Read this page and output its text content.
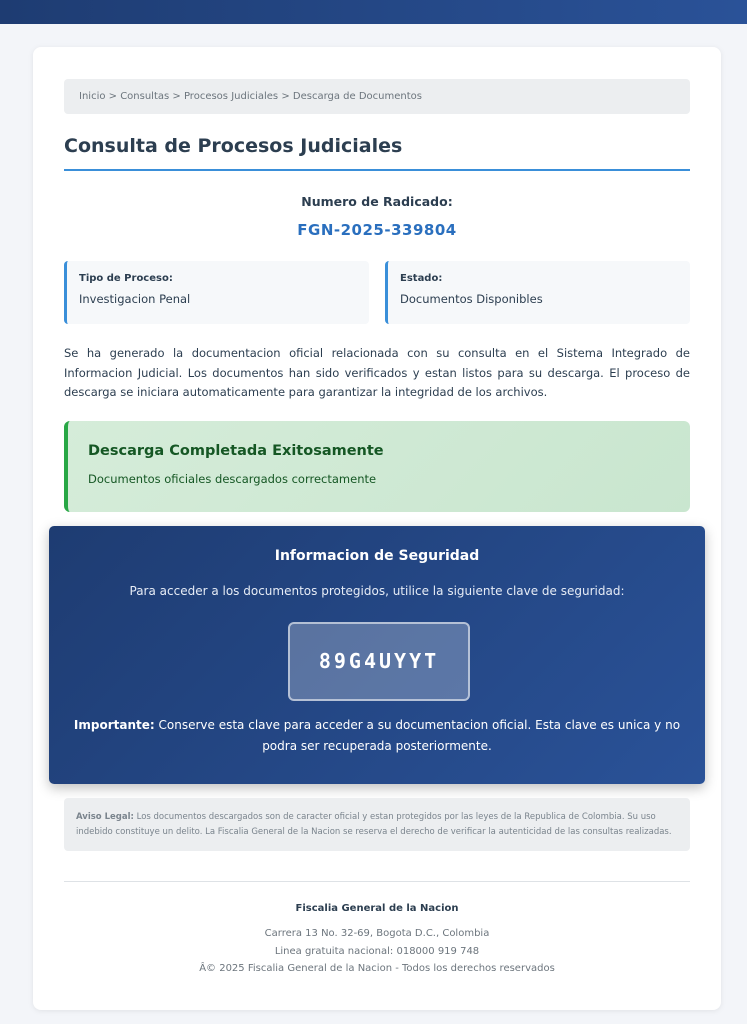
Inicio > Consultas > Procesos Judiciales > Descarga de Documentos
Consulta de Procesos Judiciales
Numero de Radicado:
FGN-2025-339804
Tipo de Proceso:
Investigacion Penal
Estado:
Documentos Disponibles

Se ha generado la documentacion oficial relacionada con su consulta en el Sistema Integrado de Informacion Judicial. Los documentos han sido verificados y estan listos para su descarga. El proceso de descarga se iniciara automaticamente para garantizar la integridad de los archivos.

Descarga Completada Exitosamente
Documentos oficiales descargados correctamente
Informacion de Seguridad
Para acceder a los documentos protegidos, utilice la siguiente clave de seguridad:
89G4UYYT
Importante: Conserve esta clave para acceder a su documentacion oficial. Esta clave es unica y no podra ser recuperada posteriormente.
Aviso Legal: Los documentos descargados son de caracter oficial y estan protegidos por las leyes de la Republica de Colombia. Su uso indebido constituye un delito. La Fiscalia General de la Nacion se reserva el derecho de verificar la autenticidad de las consultas realizadas.
Fiscalia General de la Nacion
Carrera 13 No. 32-69, Bogota D.C., Colombia
Linea gratuita nacional: 018000 919 748
Â© 2025 Fiscalia General de la Nacion - Todos los derechos reservados
